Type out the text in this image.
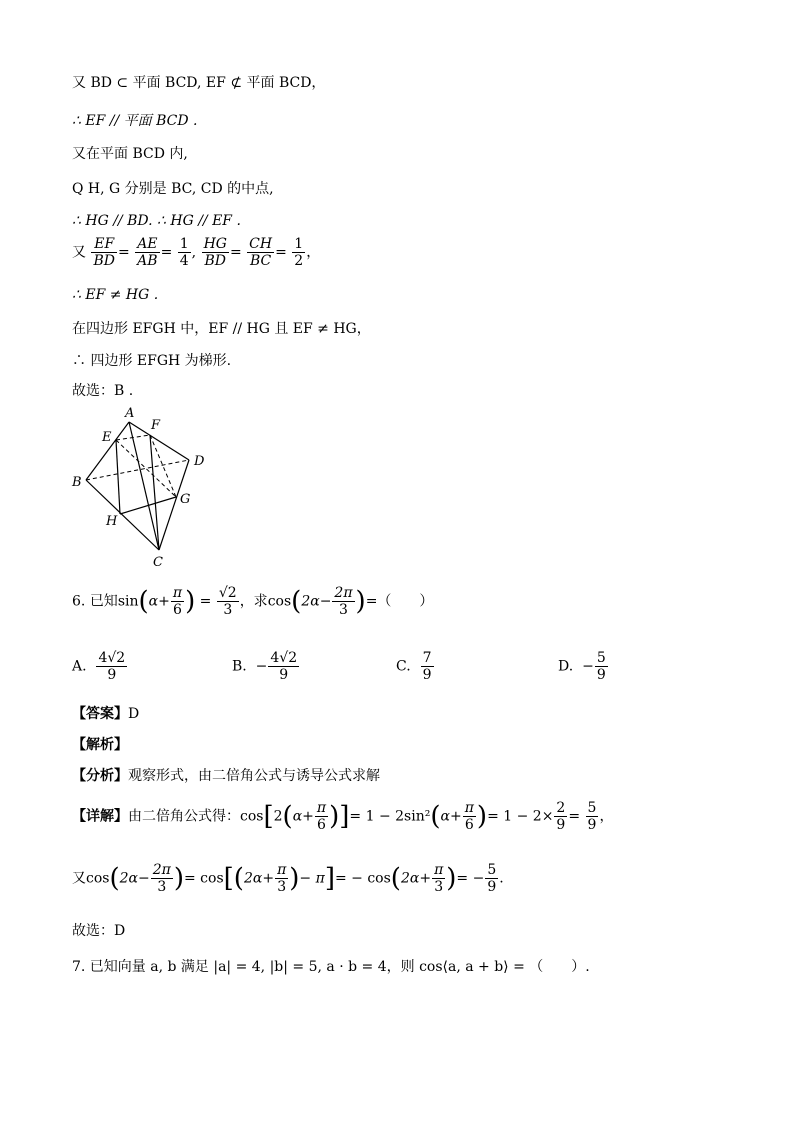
又 BD ⊂ 平面 BCD, EF ⊄ 平面 BCD，
∴ EF // 平面 BCD .
又在平面 BCD 内,
Q H, G 分别是 BC, CD 的中点,
∴ HG // BD. ∴ HG // EF .
又 $\frac{EF}{BD} = \frac{AE}{AB} = \frac{1}{4}$ , $\frac{HG}{BD} = \frac{CH}{BC} = \frac{1}{2}$ ，
∴ EF ≠ HG .
在四边形 EFGH 中，EF // HG 且 EF ≠ HG，
∴ 四边形 EFGH 为梯形.
故选：B .
A
E
F
D
B
G
H
C
6. 已知$\sin(\alpha+ \frac{\pi}{6}$ ) = $\frac{√2}{3}$ ，求$\cos(2\alpha- \frac{2\pi}{3}$ )=（　　）
A. $\frac{4√2}{9}$	B. − $\frac{4√2}{9}$	C. $\frac{7}{9}$	D. − $\frac{5}{9}$
【答案】D
【解析】
【分析】观察形式，由二倍角公式与诱导公式求解
【详解】由二倍角公式得：$\cos[2(\alpha+ \frac{\pi}{6}$ )]= $1 - 2\sin^2(\alpha+ \frac{\pi}{6}$ )= $1 - 2\times \frac{2}{9} = \frac{5}{9}$ ，
又$\cos(2\alpha- \frac{2\pi}{3}$ )= $\cos[(2\alpha+ \frac{\pi}{3}$ )− $\pi]= - \cos(2\alpha+ \frac{\pi}{3}$ )= − $\frac{5}{9}$ .
故选：D
7. 已知向量 a, b 满足 |a| = 4, |b| = 5, a · b = 4，则 cos⟨a, a + b⟩ = （　　）.
